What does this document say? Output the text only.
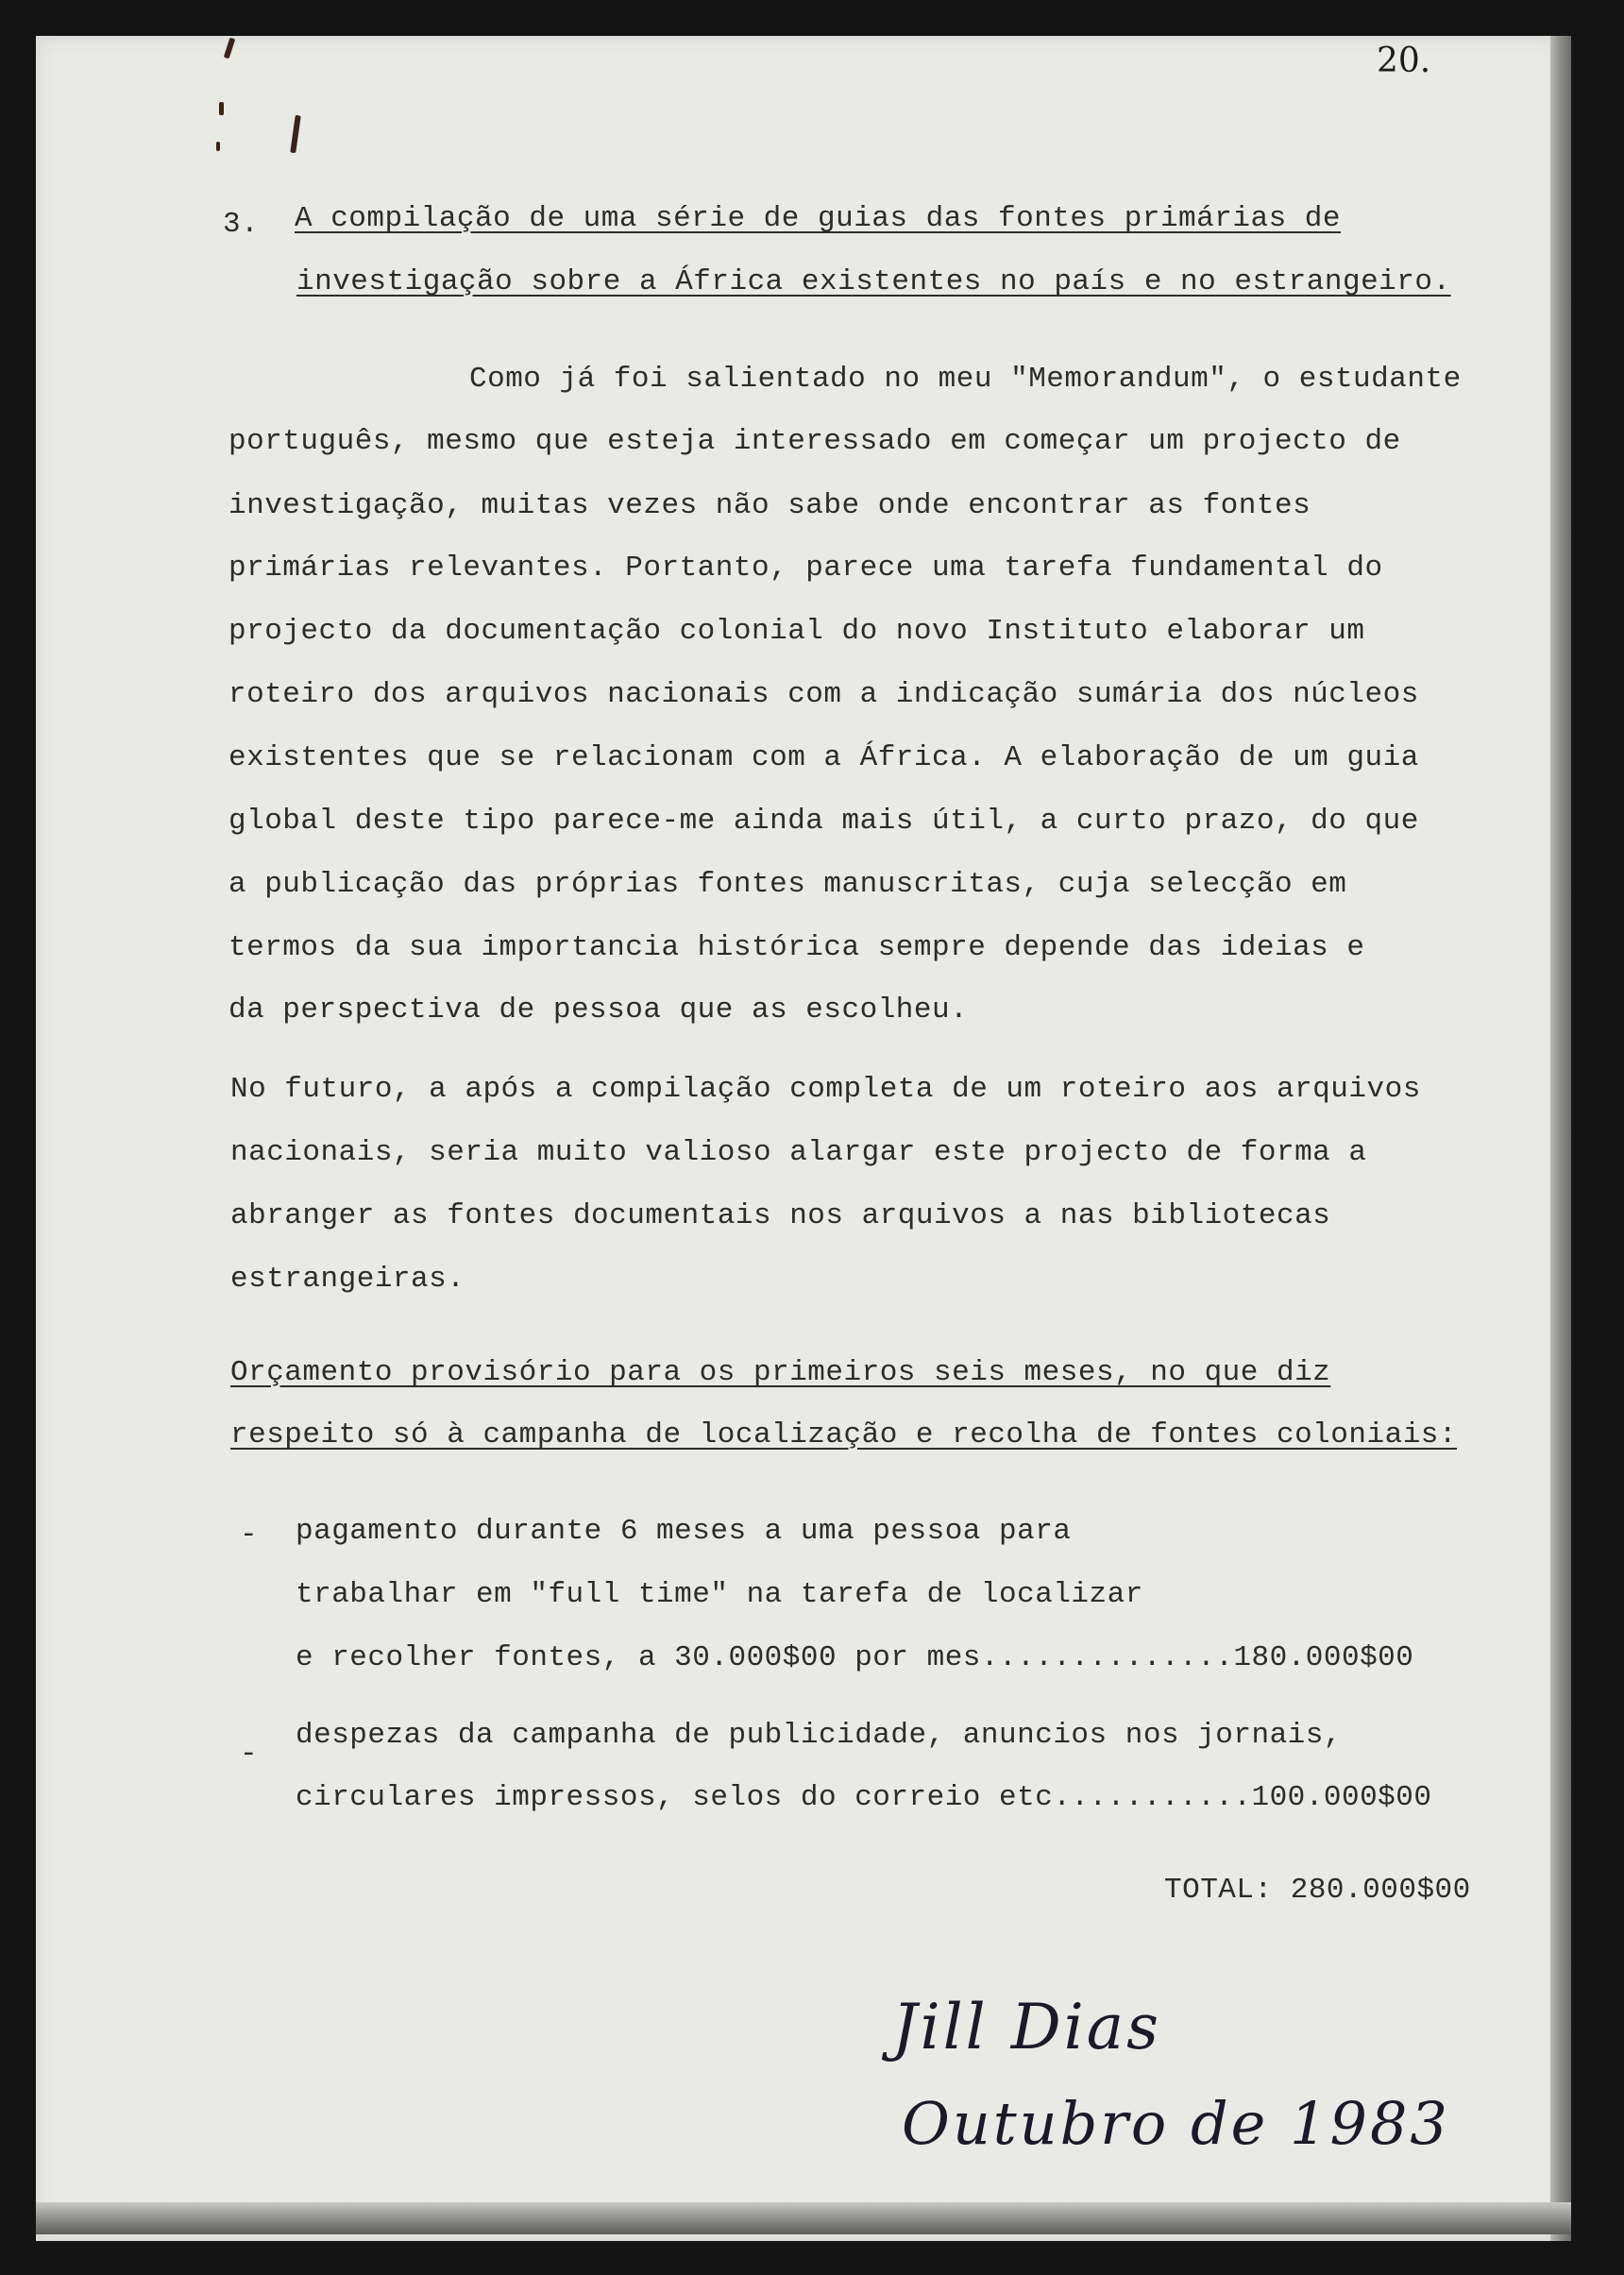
20.
3. A compilação de uma série de guias das fontes primárias de
investigação sobre a África existentes no país e no estrangeiro.
Como já foi salientado no meu "Memorandum", o estudante
português, mesmo que esteja interessado em começar um projecto de
investigação, muitas vezes não sabe onde encontrar as fontes
primárias relevantes. Portanto, parece uma tarefa fundamental do
projecto da documentação colonial do novo Instituto elaborar um
roteiro dos arquivos nacionais com a indicação sumária dos núcleos
existentes que se relacionam com a África. A elaboração de um guia
global deste tipo parece-me ainda mais útil, a curto prazo, do que
a publicação das próprias fontes manuscritas, cuja selecção em
termos da sua importancia histórica sempre depende das ideias e
da perspectiva de pessoa que as escolheu.
No futuro, a após a compilação completa de um roteiro aos arquivos
nacionais, seria muito valioso alargar este projecto de forma a
abranger as fontes documentais nos arquivos a nas bibliotecas
estrangeiras.
Orçamento provisório para os primeiros seis meses, no que diz
respeito só à campanha de localização e recolha de fontes coloniais:
- pagamento durante 6 meses a uma pessoa para
trabalhar em "full time" na tarefa de localizar
e recolher fontes, a 30.000$00 por mes..............180.000$00
-
despezas da campanha de publicidade, anuncios nos jornais,
circulares impressos, selos do correio etc...........100.000$00
TOTAL: 280.000$00
Jill Dias
Outubro de 1983
